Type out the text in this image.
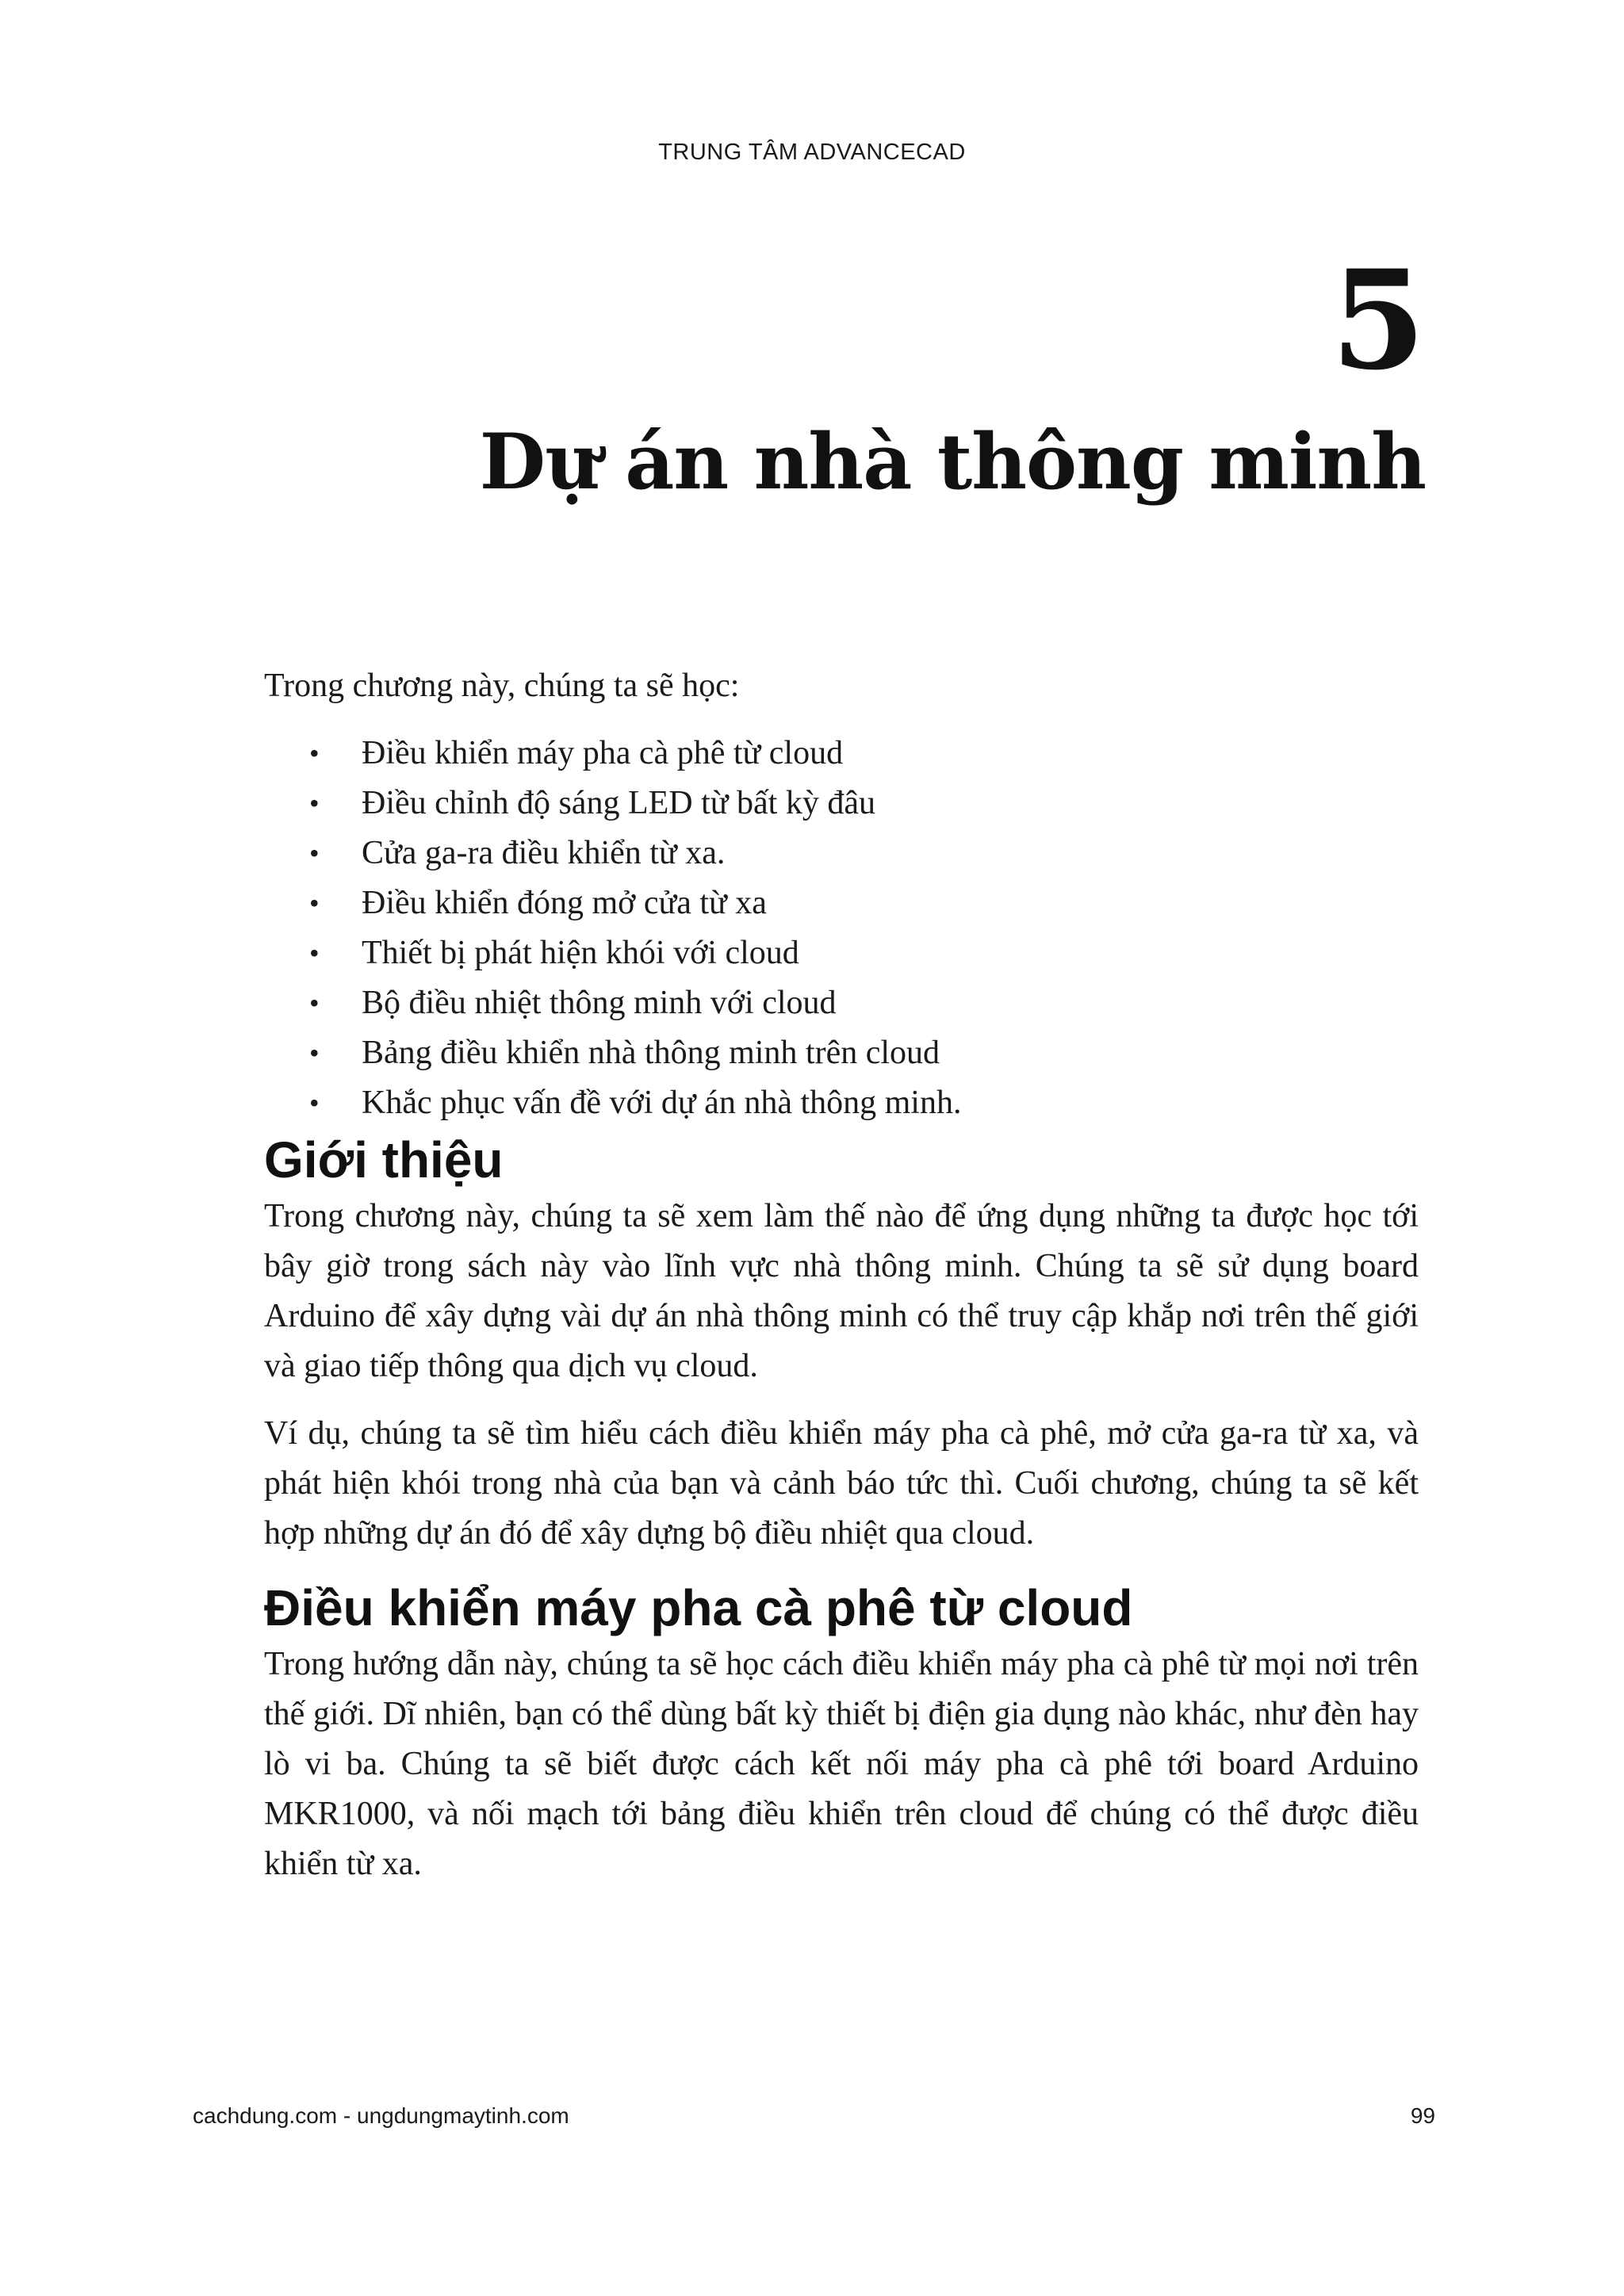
TRUNG TÂM ADVANCECAD
5
Dự án nhà thông minh

Trong chương này, chúng ta sẽ học:

• Điều khiển máy pha cà phê từ cloud
• Điều chỉnh độ sáng LED từ bất kỳ đâu
• Cửa ga-ra điều khiển từ xa.
• Điều khiển đóng mở cửa từ xa
• Thiết bị phát hiện khói với cloud
• Bộ điều nhiệt thông minh với cloud
• Bảng điều khiển nhà thông minh trên cloud
• Khắc phục vấn đề với dự án nhà thông minh.
Giới thiệu

Trong chương này, chúng ta sẽ xem làm thế nào để ứng dụng những ta được học tới bây giờ trong sách này vào lĩnh vực nhà thông minh. Chúng ta sẽ sử dụng board Arduino để xây dựng vài dự án nhà thông minh có thể truy cập khắp nơi trên thế giới và giao tiếp thông qua dịch vụ cloud.

Ví dụ, chúng ta sẽ tìm hiểu cách điều khiển máy pha cà phê, mở cửa ga-ra từ xa, và phát hiện khói trong nhà của bạn và cảnh báo tức thì. Cuối chương, chúng ta sẽ kết hợp những dự án đó để xây dựng bộ điều nhiệt qua cloud.

Điều khiển máy pha cà phê từ cloud

Trong hướng dẫn này, chúng ta sẽ học cách điều khiển máy pha cà phê từ mọi nơi trên thế giới. Dĩ nhiên, bạn có thể dùng bất kỳ thiết bị điện gia dụng nào khác, như đèn hay lò vi ba. Chúng ta sẽ biết được cách kết nối máy pha cà phê tới board Arduino MKR1000, và nối mạch tới bảng điều khiển trên cloud để chúng có thể được điều khiển từ xa.

cachdung.com - ungdungmaytinh.com	99
